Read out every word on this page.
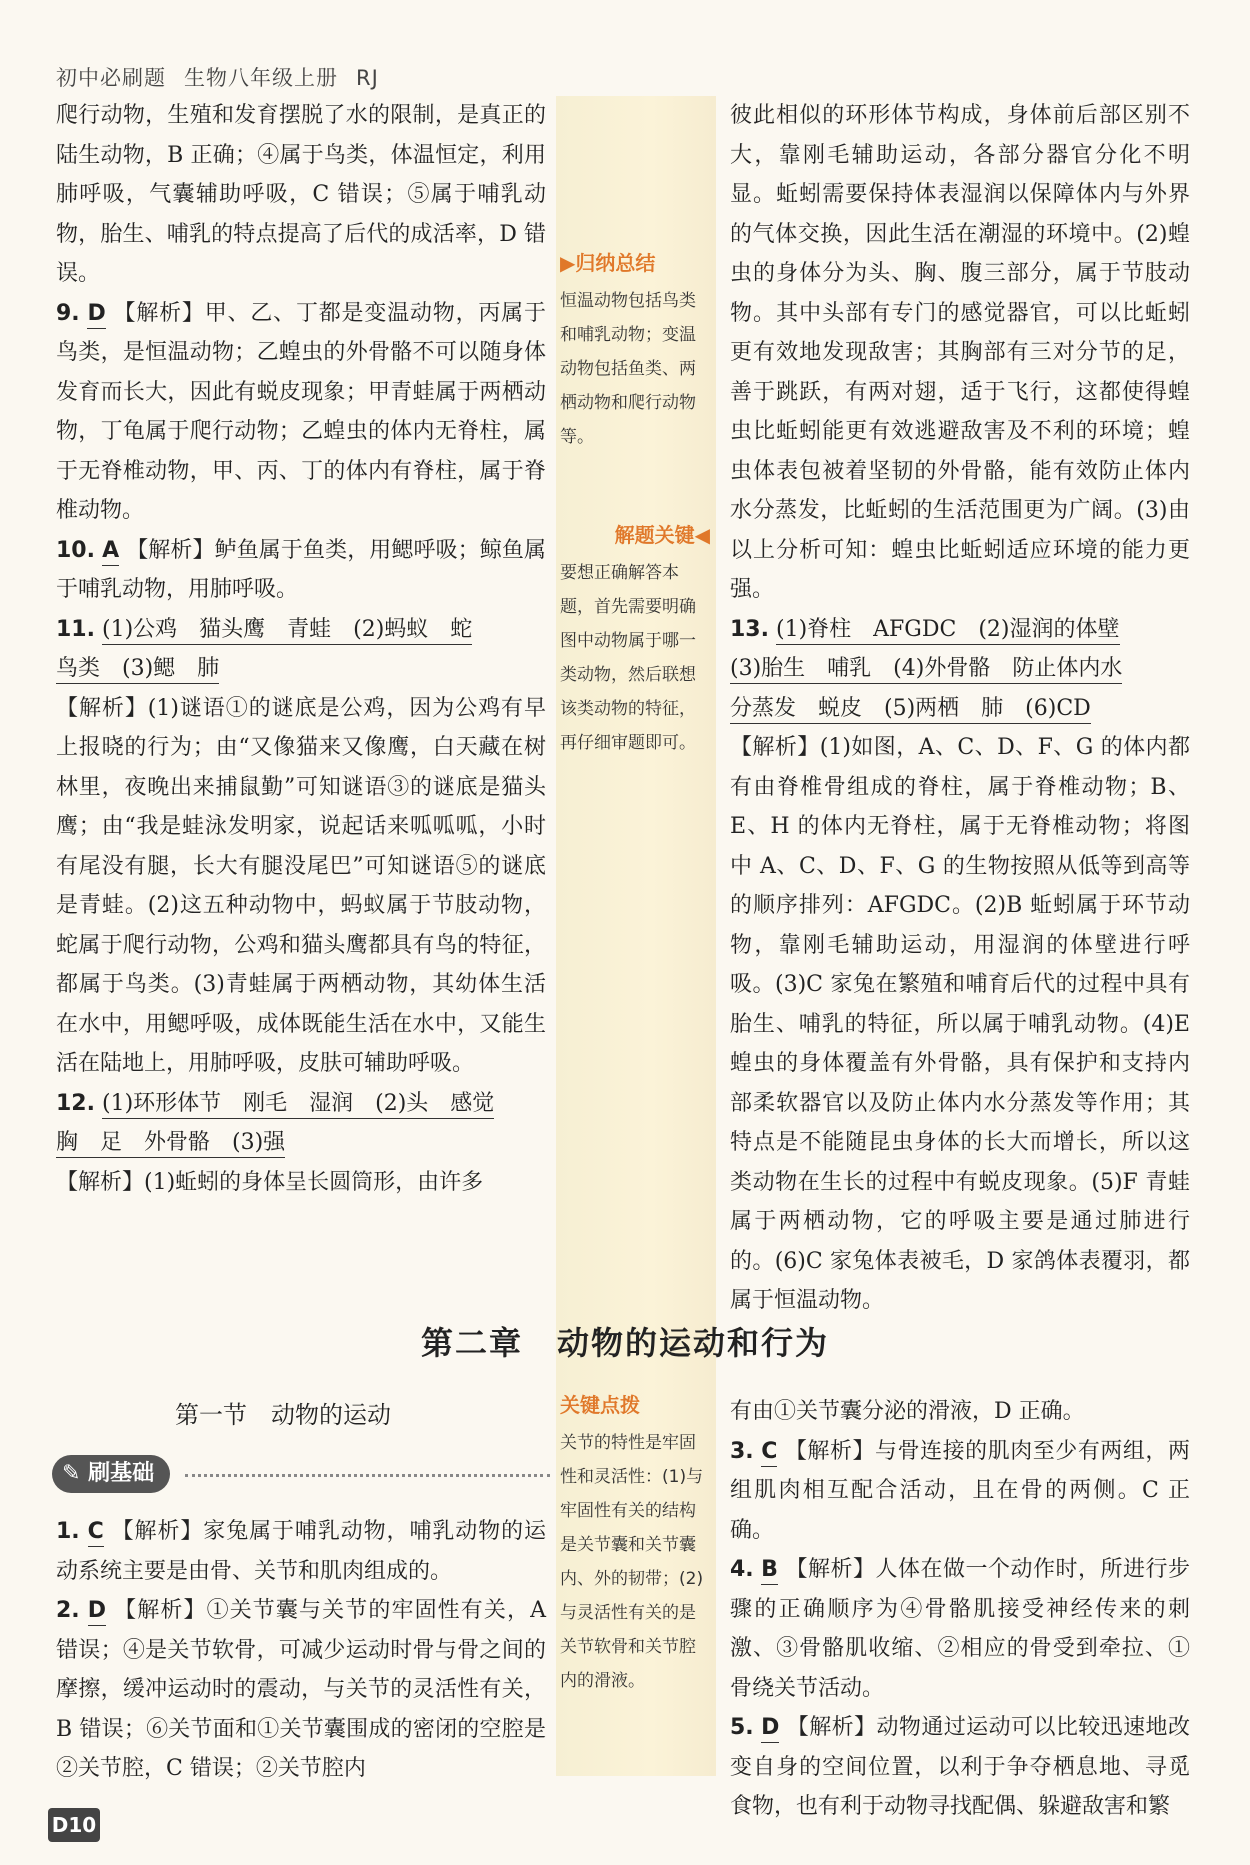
初中必刷题 生物八年级上册 RJ

爬行动物，生殖和发育摆脱了水的限制，是真正的陆生动物，B 正确；④属于鸟类，体温恒定，利用肺呼吸，气囊辅助呼吸，C 错误；⑤属于哺乳动物，胎生、哺乳的特点提高了后代的成活率，D 错误。

9. D 【解析】甲、乙、丁都是变温动物，丙属于鸟类，是恒温动物；乙蝗虫的外骨骼不可以随身体发育而长大，因此有蜕皮现象；甲青蛙属于两栖动物，丁龟属于爬行动物；乙蝗虫的体内无脊柱，属于无脊椎动物，甲、丙、丁的体内有脊柱，属于脊椎动物。

10. A 【解析】鲈鱼属于鱼类，用鳃呼吸；鲸鱼属于哺乳动物，用肺呼吸。

11. (1)公鸡　猫头鹰　青蛙　(2)蚂蚁　蛇
鸟类　(3)鳃　肺
【解析】(1)谜语①的谜底是公鸡，因为公鸡有早上报晓的行为；由“又像猫来又像鹰，白天藏在树林里，夜晚出来捕鼠勤”可知谜语③的谜底是猫头鹰；由“我是蛙泳发明家，说起话来呱呱呱，小时有尾没有腿，长大有腿没尾巴”可知谜语⑤的谜底是青蛙。(2)这五种动物中，蚂蚁属于节肢动物，蛇属于爬行动物，公鸡和猫头鹰都具有鸟的特征，都属于鸟类。(3)青蛙属于两栖动物，其幼体生活在水中，用鳃呼吸，成体既能生活在水中，又能生活在陆地上，用肺呼吸，皮肤可辅助呼吸。

12. (1)环形体节　刚毛　湿润　(2)头　感觉
胸　足　外骨骼　(3)强
【解析】(1)蚯蚓的身体呈长圆筒形，由许多

▶归纳总结
恒温动物包括鸟类和哺乳动物；变温动物包括鱼类、两栖动物和爬行动物等。
解题关键◀
要想正确解答本题，首先需要明确图中动物属于哪一类动物，然后联想该类动物的特征，再仔细审题即可。
关键点拨
关节的特性是牢固性和灵活性：(1)与牢固性有关的结构是关节囊和关节囊内、外的韧带；(2)与灵活性有关的是关节软骨和关节腔内的滑液。

彼此相似的环形体节构成，身体前后部区别不大，靠刚毛辅助运动，各部分器官分化不明显。蚯蚓需要保持体表湿润以保障体内与外界的气体交换，因此生活在潮湿的环境中。(2)蝗虫的身体分为头、胸、腹三部分，属于节肢动物。其中头部有专门的感觉器官，可以比蚯蚓更有效地发现敌害；其胸部有三对分节的足，善于跳跃，有两对翅，适于飞行，这都使得蝗虫比蚯蚓能更有效逃避敌害及不利的环境；蝗虫体表包被着坚韧的外骨骼，能有效防止体内水分蒸发，比蚯蚓的生活范围更为广阔。(3)由以上分析可知：蝗虫比蚯蚓适应环境的能力更强。

13. (1)脊柱　AFGDC　(2)湿润的体壁
(3)胎生　哺乳　(4)外骨骼　防止体内水
分蒸发　蜕皮　(5)两栖　肺　(6)CD
【解析】(1)如图，A、C、D、F、G 的体内都有由脊椎骨组成的脊柱，属于脊椎动物；B、E、H 的体内无脊柱，属于无脊椎动物；将图中 A、C、D、F、G 的生物按照从低等到高等的顺序排列：AFGDC。(2)B 蚯蚓属于环节动物，靠刚毛辅助运动，用湿润的体壁进行呼吸。(3)C 家兔在繁殖和哺育后代的过程中具有胎生、哺乳的特征，所以属于哺乳动物。(4)E 蝗虫的身体覆盖有外骨骼，具有保护和支持内部柔软器官以及防止体内水分蒸发等作用；其特点是不能随昆虫身体的长大而增长，所以这类动物在生长的过程中有蜕皮现象。(5)F 青蛙属于两栖动物，它的呼吸主要是通过肺进行的。(6)C 家兔体表被毛，D 家鸽体表覆羽，都属于恒温动物。

第二章　动物的运动和行为
第一节　动物的运动
✎ 刷基础

1. C 【解析】家兔属于哺乳动物，哺乳动物的运动系统主要是由骨、关节和肌肉组成的。

2. D 【解析】①关节囊与关节的牢固性有关，A 错误；④是关节软骨，可减少运动时骨与骨之间的摩擦，缓冲运动时的震动，与关节的灵活性有关，B 错误；⑥关节面和①关节囊围成的密闭的空腔是②关节腔，C 错误；②关节腔内

有由①关节囊分泌的滑液，D 正确。

3. C 【解析】与骨连接的肌肉至少有两组，两组肌肉相互配合活动，且在骨的两侧。C 正确。

4. B 【解析】人体在做一个动作时，所进行步骤的正确顺序为④骨骼肌接受神经传来的刺激、③骨骼肌收缩、②相应的骨受到牵拉、①骨绕关节活动。

5. D 【解析】动物通过运动可以比较迅速地改变自身的空间位置，以利于争夺栖息地、寻觅食物，也有利于动物寻找配偶、躲避敌害和繁

D10
